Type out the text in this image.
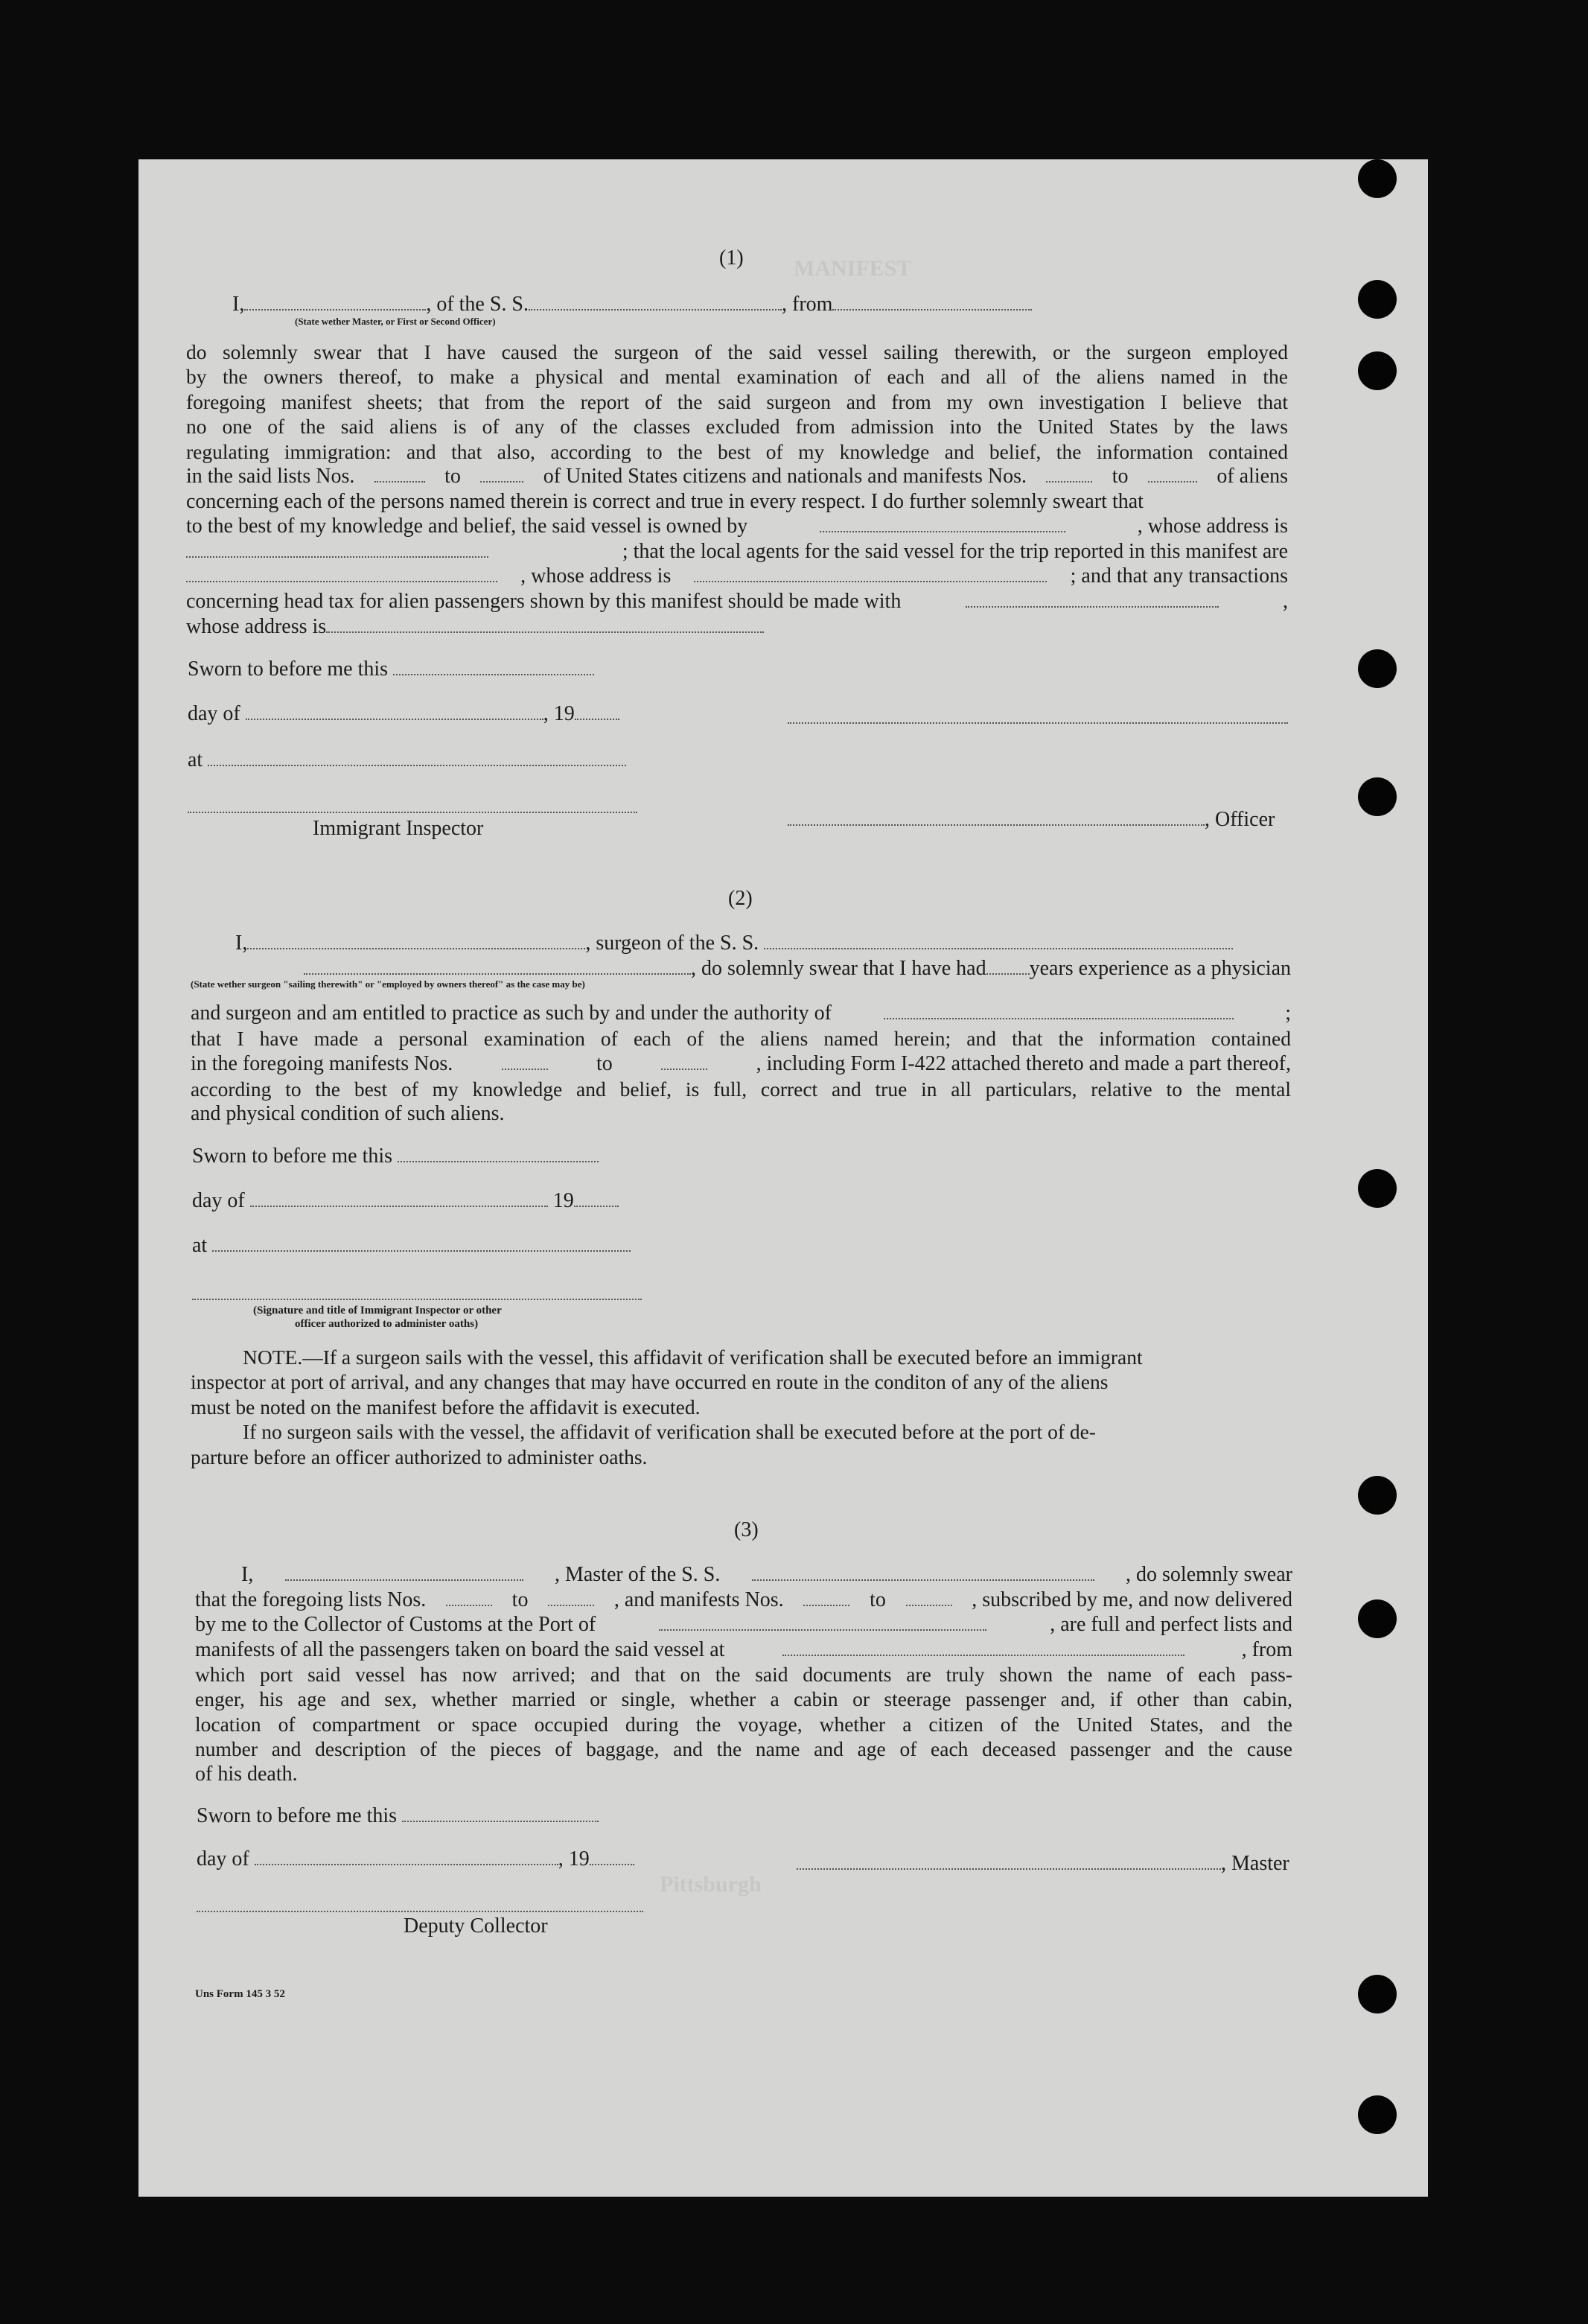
(1)
I,	, of the S. S.	, from
(State wether Master, or First or Second Officer)
do solemnly swear that I have caused the surgeon of the said vessel sailing therewith, or the surgeon employed
by the owners thereof, to make a physical and mental examination of each and all of the aliens named in the
foregoing manifest sheets; that from the report of the said surgeon and from my own investigation I believe that
no one of the said aliens is of any of the classes excluded from admission into the United States by the laws
regulating immigration: and that also, according to the best of my knowledge and belief, the information contained
in the said lists Nos.	to	of United States citizens and nationals and manifests Nos.	to	of aliens
concerning each of the persons named therein is correct and true in every respect. I do further solemnly sweart that
to the best of my knowledge and belief, the said vessel is owned by	, whose address is
; that the local agents for the said vessel for the trip reported in this manifest are
, whose address is	; and that any transactions
concerning head tax for alien passengers shown by this manifest should be made with	,
whose address is
Sworn to before me this
day of	, 19
at
Immigrant Inspector	, Officer
(2)
I,	, surgeon of the S. S.
, do solemnly swear that I have had years experience as a physician
(State wether surgeon "sailing therewith" or "employed by owners thereof" as the case may be)
and surgeon and am entitled to practice as such by and under the authority of	;
that I have made a personal examination of each of the aliens named herein; and that the information contained
in the foregoing manifests Nos.	to	, including Form I-422 attached thereto and made a part thereof,
according to the best of my knowledge and belief, is full, correct and true in all particulars, relative to the mental
and physical condition of such aliens.
Sworn to before me this
day of	19
at
(Signature and title of Immigrant Inspector or other
officer authorized to administer oaths)
NOTE.—If a surgeon sails with the vessel, this affidavit of verification shall be executed before an immigrant
inspector at port of arrival, and any changes that may have occurred en route in the conditon of any of the aliens
must be noted on the manifest before the affidavit is executed.
If no surgeon sails with the vessel, the affidavit of verification shall be executed before at the port of de-
parture before an officer authorized to administer oaths.
(3)
I,	, Master of the S. S.	, do solemnly swear
that the foregoing lists Nos.	to	, and manifests Nos.	to	, subscribed by me, and now delivered
by me to the Collector of Customs at the Port of	, are full and perfect lists and
manifests of all the passengers taken on board the said vessel at	, from
which port said vessel has now arrived; and that on the said documents are truly shown the name of each pass-
enger, his age and sex, whether married or single, whether a cabin or steerage passenger and, if other than cabin,
location of compartment or space occupied during the voyage, whether a citizen of the United States, and the
number and description of the pieces of baggage, and the name and age of each deceased passenger and the cause
of his death.
Sworn to before me this
day of	, 19	, Master
Deputy Collector
Uns Form 145 3 52
MANIFEST
Pittsburgh
